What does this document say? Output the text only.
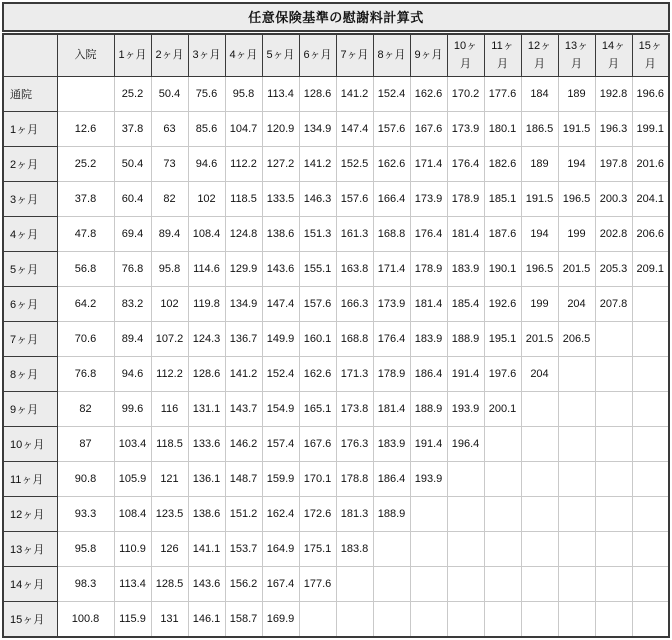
任意保険基準の慰謝料計算式
	入院	1ヶ月	2ヶ月	3ヶ月	4ヶ月	5ヶ月	6ヶ月	7ヶ月	8ヶ月	9ヶ月	10ヶ月	11ヶ月	12ヶ月	13ヶ月	14ヶ月	15ヶ月
通院		25.2	50.4	75.6	95.8	113.4	128.6	141.2	152.4	162.6	170.2	177.6	184	189	192.8	196.6
1ヶ月	12.6	37.8	63	85.6	104.7	120.9	134.9	147.4	157.6	167.6	173.9	180.1	186.5	191.5	196.3	199.1
2ヶ月	25.2	50.4	73	94.6	112.2	127.2	141.2	152.5	162.6	171.4	176.4	182.6	189	194	197.8	201.6
3ヶ月	37.8	60.4	82	102	118.5	133.5	146.3	157.6	166.4	173.9	178.9	185.1	191.5	196.5	200.3	204.1
4ヶ月	47.8	69.4	89.4	108.4	124.8	138.6	151.3	161.3	168.8	176.4	181.4	187.6	194	199	202.8	206.6
5ヶ月	56.8	76.8	95.8	114.6	129.9	143.6	155.1	163.8	171.4	178.9	183.9	190.1	196.5	201.5	205.3	209.1
6ヶ月	64.2	83.2	102	119.8	134.9	147.4	157.6	166.3	173.9	181.4	185.4	192.6	199	204	207.8	
7ヶ月	70.6	89.4	107.2	124.3	136.7	149.9	160.1	168.8	176.4	183.9	188.9	195.1	201.5	206.5		
8ヶ月	76.8	94.6	112.2	128.6	141.2	152.4	162.6	171.3	178.9	186.4	191.4	197.6	204			
9ヶ月	82	99.6	116	131.1	143.7	154.9	165.1	173.8	181.4	188.9	193.9	200.1				
10ヶ月	87	103.4	118.5	133.6	146.2	157.4	167.6	176.3	183.9	191.4	196.4					
11ヶ月	90.8	105.9	121	136.1	148.7	159.9	170.1	178.8	186.4	193.9						
12ヶ月	93.3	108.4	123.5	138.6	151.2	162.4	172.6	181.3	188.9							
13ヶ月	95.8	110.9	126	141.1	153.7	164.9	175.1	183.8								
14ヶ月	98.3	113.4	128.5	143.6	156.2	167.4	177.6									
15ヶ月	100.8	115.9	131	146.1	158.7	169.9										
